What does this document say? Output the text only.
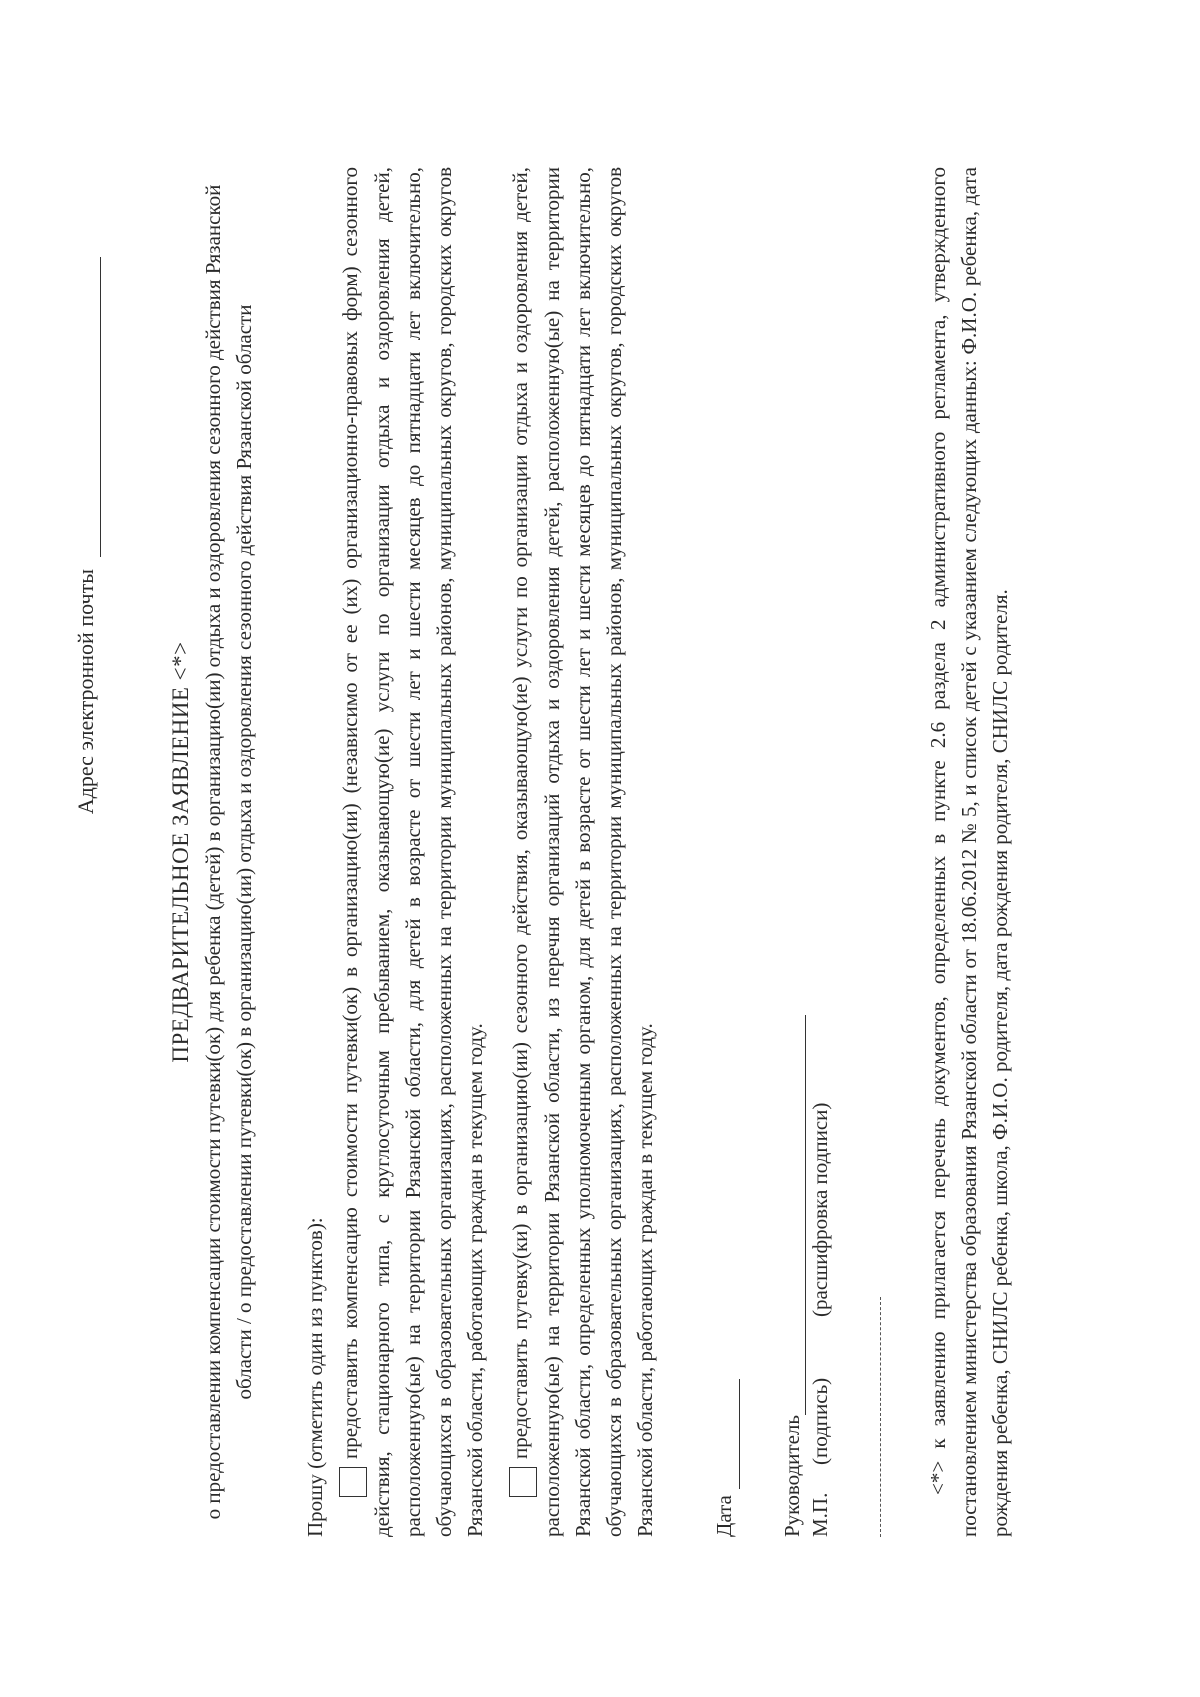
Адрес электронной почты	ПРЕДВАРИТЕЛЬНОЕ ЗАЯВЛЕНИЕ <*> о предоставлении компенсации стоимости путевки(ок) для ребенка (детей) в организацию(ии) отдыха и оздоровления сезонного действия Рязанской области / о предоставлении путевки(ок) в организацию(ии) отдыха и оздоровления сезонного действия Рязанской области Прошу (отметить один из пунктов): предоставить компенсацию стоимости путевки(ок) в организацию(ии) (независимо от ее (их) организационно-правовых форм) сезонного действия, стационарного типа, с круглосуточным пребыванием, оказывающую(ие) услуги по организации отдыха и оздоровления детей, расположенную(ые) на территории Рязанской области, для детей в возрасте от шести лет и шести месяцев до пятнадцати лет включительно, обучающихся в образовательных организациях, расположенных на территории муниципальных районов, муниципальных округов, городских округов Рязанской области, работающих граждан в текущем году. предоставить путевку(ки) в организацию(ии) сезонного действия, оказывающую(ие) услуги по организации отдыха и оздоровления детей, расположенную(ые) на территории Рязанской области, из перечня организаций отдыха и оздоровления детей, расположенную(ые) на территории Рязанской области, определенных уполномоченным органом, для детей в возрасте от шести лет и шести месяцев до пятнадцати лет включительно, обучающихся в образовательных организациях, расположенных на территории муниципальных районов, муниципальных округов, городских округов Рязанской области, работающих граждан в текущем году.	Дата Руководитель М.П.(подпись)(расшифровка подписи)	<*> к заявлению прилагается перечень документов, определенных в пункте 2.6 раздела 2 административного регламента, утвержденного постановлением министерства образования Рязанской области от 18.06.2012 № 5, и список детей с указанием следующих данных: Ф.И.О. ребенка, дата рождения ребенка, СНИЛС ребенка, школа, Ф.И.О. родителя, дата рождения родителя, СНИЛС родителя.
